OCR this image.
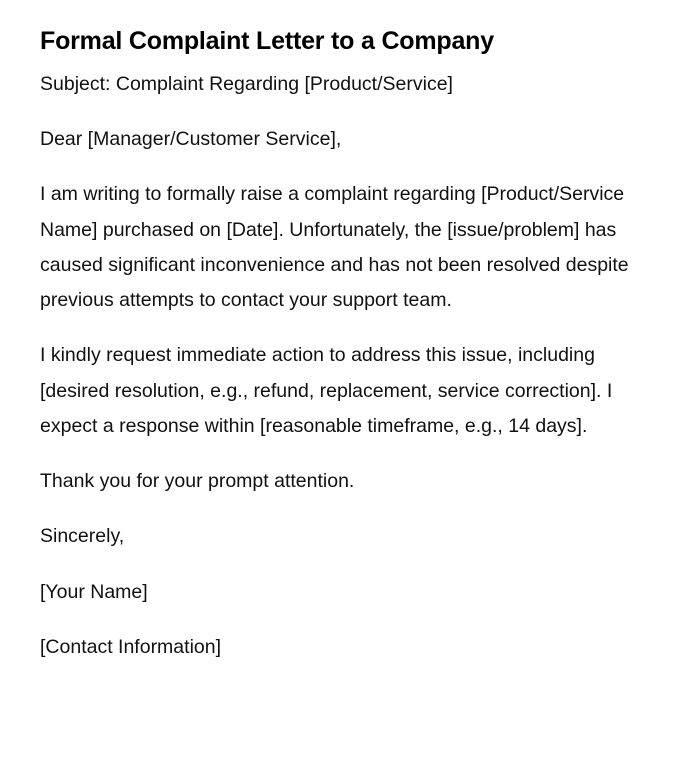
Formal Complaint Letter to a Company

Subject: Complaint Regarding [Product/Service]

Dear [Manager/Customer Service],

I am writing to formally raise a complaint regarding [Product/Service Name] purchased on [Date]. Unfortunately, the [issue/problem] has caused significant inconvenience and has not been resolved despite previous attempts to contact your support team.

I kindly request immediate action to address this issue, including [desired resolution, e.g., refund, replacement, service correction]. I expect a response within [reasonable timeframe, e.g., 14 days].

Thank you for your prompt attention.

Sincerely,

[Your Name]

[Contact Information]
